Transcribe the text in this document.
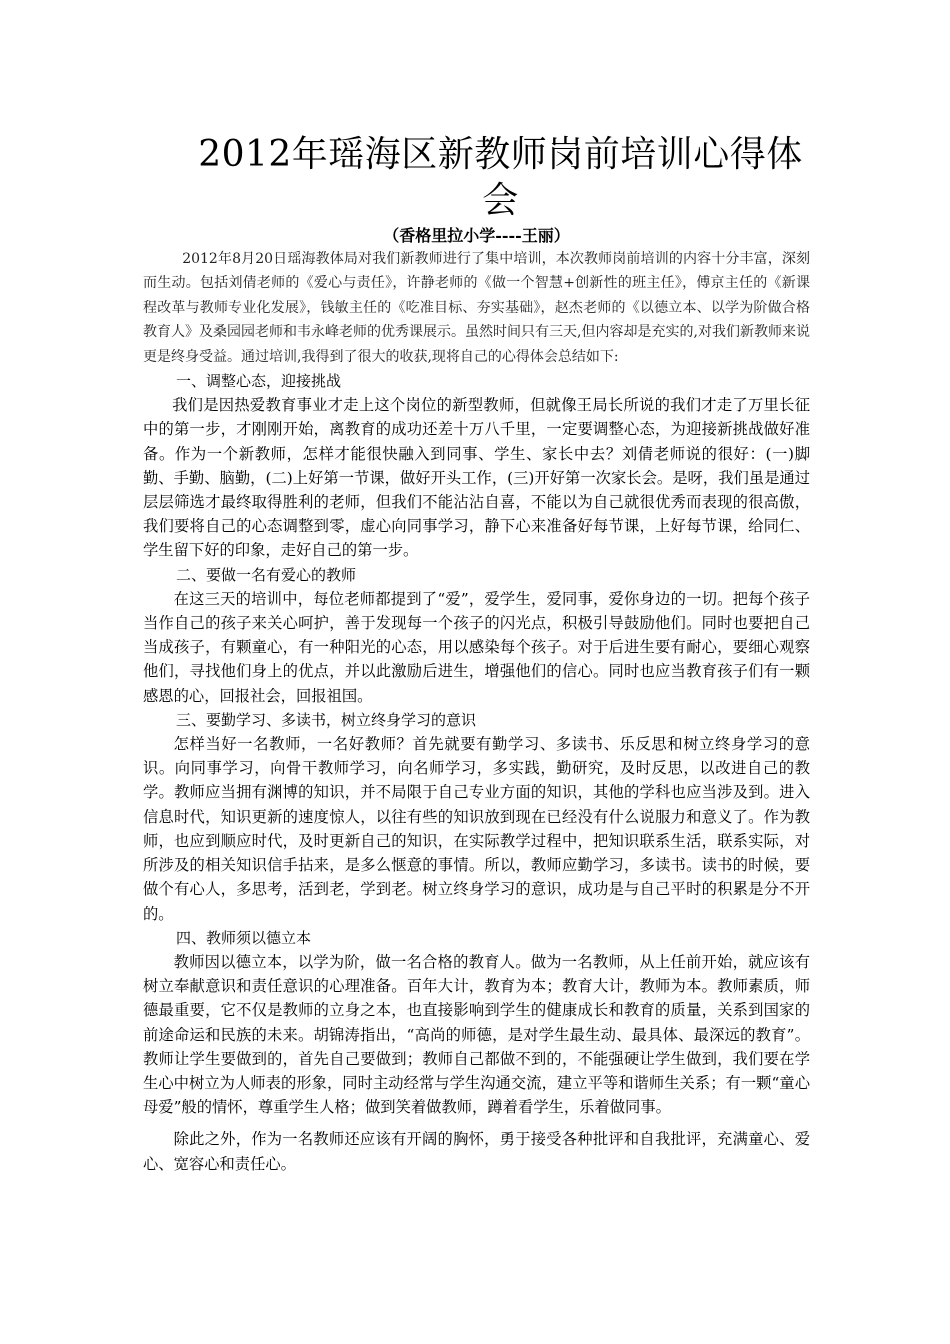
2012年瑶海区新教师岗前培训心得体会

（香格里拉小学----王丽）

2012年8月20日瑶海教体局对我们新教师进行了集中培训，本次教师岗前培训的内容十分丰富，深刻而生动。包括刘倩老师的《爱心与责任》，许静老师的《做一个智慧+创新性的班主任》，傅京主任的《新课程改革与教师专业化发展》，钱敏主任的《吃准目标、夯实基础》，赵杰老师的《以德立本、以学为阶做合格教育人》及桑园园老师和韦永峰老师的优秀课展示。虽然时间只有三天,但内容却是充实的,对我们新教师来说更是终身受益。通过培训,我得到了很大的收获,现将自己的心得体会总结如下:

一、调整心态，迎接挑战

我们是因热爱教育事业才走上这个岗位的新型教师，但就像王局长所说的我们才走了万里长征中的第一步，才刚刚开始，离教育的成功还差十万八千里，一定要调整心态，为迎接新挑战做好准备。作为一个新教师，怎样才能很快融入到同事、学生、家长中去？刘倩老师说的很好：(一)脚勤、手勤、脑勤，(二)上好第一节课，做好开头工作，(三)开好第一次家长会。是呀，我们虽是通过层层筛选才最终取得胜利的老师，但我们不能沾沾自喜，不能以为自己就很优秀而表现的很高傲，我们要将自己的心态调整到零，虚心向同事学习，静下心来准备好每节课，上好每节课，给同仁、学生留下好的印象，走好自己的第一步。

二、要做一名有爱心的教师

在这三天的培训中，每位老师都提到了“爱”，爱学生，爱同事，爱你身边的一切。把每个孩子当作自己的孩子来关心呵护，善于发现每一个孩子的闪光点，积极引导鼓励他们。同时也要把自己当成孩子，有颗童心，有一种阳光的心态，用以感染每个孩子。对于后进生要有耐心，要细心观察他们，寻找他们身上的优点，并以此激励后进生，增强他们的信心。同时也应当教育孩子们有一颗感恩的心，回报社会，回报祖国。

三、要勤学习、多读书，树立终身学习的意识

怎样当好一名教师，一名好教师？首先就要有勤学习、多读书、乐反思和树立终身学习的意识。向同事学习，向骨干教师学习，向名师学习，多实践，勤研究，及时反思，以改进自己的教学。教师应当拥有渊博的知识，并不局限于自己专业方面的知识，其他的学科也应当涉及到。进入信息时代，知识更新的速度惊人，以往有些的知识放到现在已经没有什么说服力和意义了。作为教师，也应到顺应时代，及时更新自己的知识，在实际教学过程中，把知识联系生活，联系实际，对所涉及的相关知识信手拈来，是多么惬意的事情。所以，教师应勤学习，多读书。读书的时候，要做个有心人，多思考，活到老，学到老。树立终身学习的意识，成功是与自己平时的积累是分不开的。

四、教师须以德立本

教师因以德立本，以学为阶，做一名合格的教育人。做为一名教师，从上任前开始，就应该有树立奉献意识和责任意识的心理准备。百年大计，教育为本；教育大计，教师为本。教师素质，师德最重要，它不仅是教师的立身之本，也直接影响到学生的健康成长和教育的质量，关系到国家的前途命运和民族的未来。胡锦涛指出，“高尚的师德，是对学生最生动、最具体、最深远的教育”。教师让学生要做到的，首先自己要做到；教师自己都做不到的，不能强硬让学生做到，我们要在学生心中树立为人师表的形象，同时主动经常与学生沟通交流，建立平等和谐师生关系；有一颗“童心母爱”般的情怀，尊重学生人格；做到笑着做教师，蹲着看学生，乐着做同事。

除此之外，作为一名教师还应该有开阔的胸怀，勇于接受各种批评和自我批评，充满童心、爱心、宽容心和责任心。
